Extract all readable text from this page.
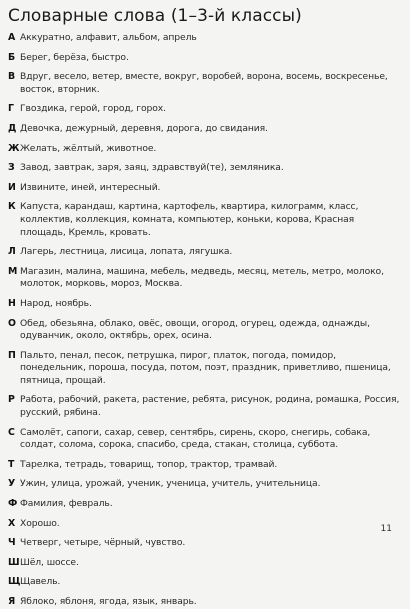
Словарные слова (1–3-й классы)
А Аккуратно, алфавит, альбом, апрель
Б Берег, берёза, быстро.
В Вдруг, весело, ветер, вместе, вокруг, воробей, ворона, восемь, воскресенье, восток, вторник.
Г Гвоздика, герой, город, горох.
Д Девочка, дежурный, деревня, дорога, до свидания.
Ж Желать, жёлтый, животное.
З Завод, завтрак, заря, заяц, здравствуй(те), земляника.
И Извините, иней, интересный.
К Капуста, карандаш, картина, картофель, квартира, килограмм, класс, коллектив, коллекция, комната, компьютер, коньки, корова, Красная площадь, Кремль, кровать.
Л Лагерь, лестница, лисица, лопата, лягушка.
М Магазин, малина, машина, мебель, медведь, месяц, метель, метро, молоко, молоток, морковь, мороз, Москва.
Н Народ, ноябрь.
О Обед, обезьяна, облако, овёс, овощи, огород, огурец, одежда, однажды, одуванчик, около, октябрь, орех, осина.
П Пальто, пенал, песок, петрушка, пирог, платок, погода, помидор, понедельник, пороша, посуда, потом, поэт, праздник, приветливо, пшеница, пятница, прощай.
Р Работа, рабочий, ракета, растение, ребята, рисунок, родина, ромашка, Россия, русский, рябина.
С Самолёт, сапоги, сахар, север, сентябрь, сирень, скоро, снегирь, собака, солдат, солома, сорока, спасибо, среда, стакан, столица, суббота.
Т Тарелка, тетрадь, товарищ, топор, трактор, трамвай.
У Ужин, улица, урожай, ученик, ученица, учитель, учительница.
Ф Фамилия, февраль.
Х Хорошо.
Ч Четверг, четыре, чёрный, чувство.
Ш Шёл, шоссе.
Щ Щавель.
Я Яблоко, яблоня, ягода, язык, январь.
11
